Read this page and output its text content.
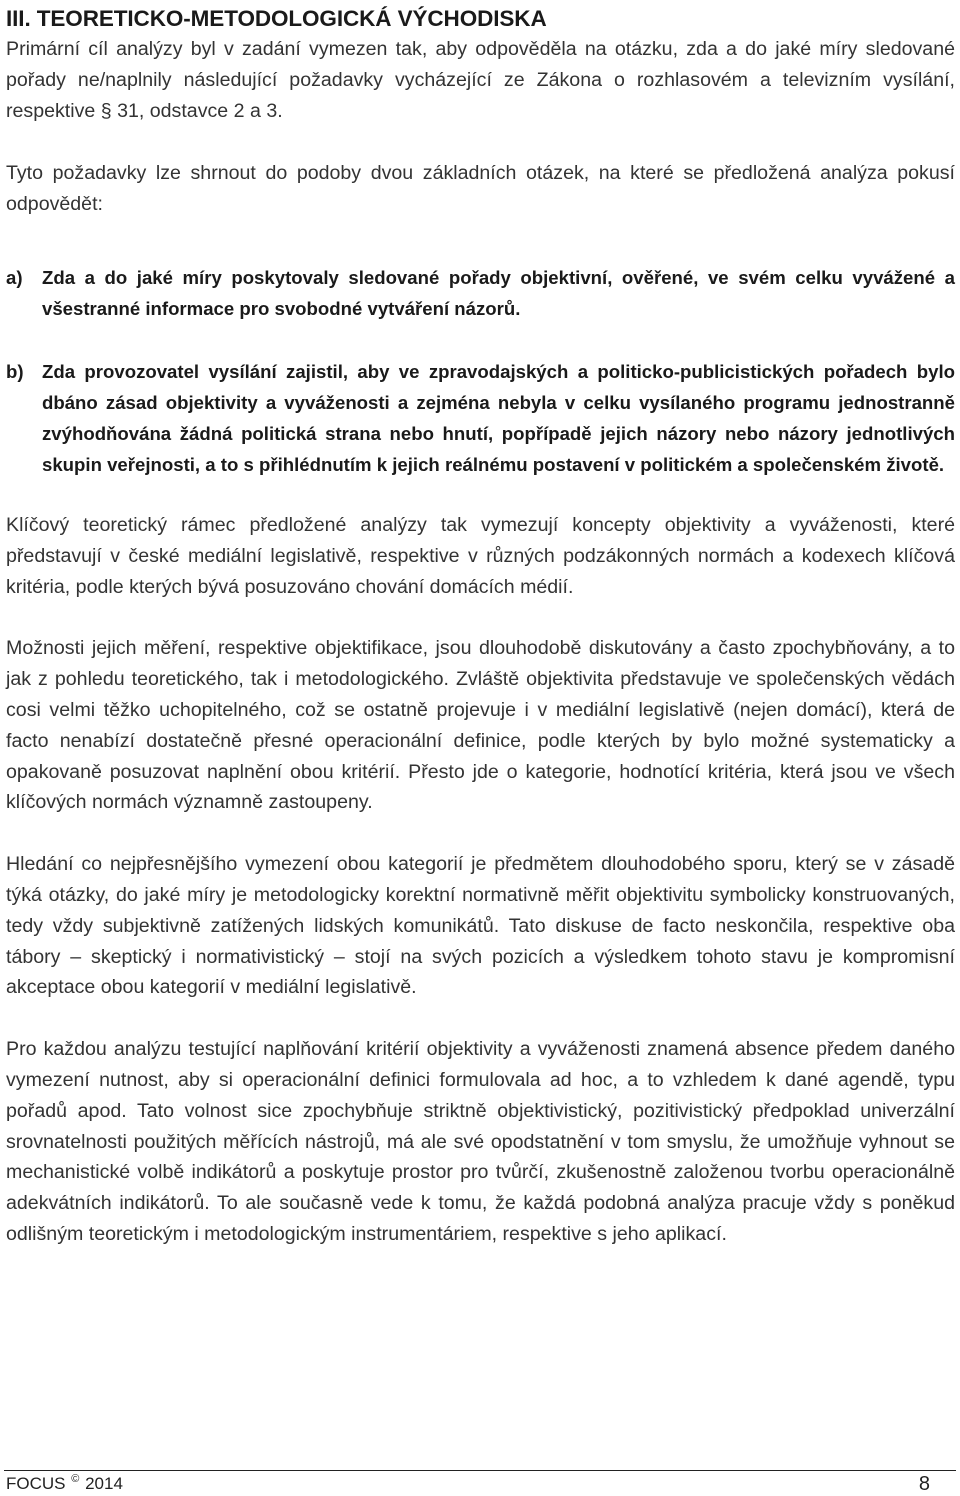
III. TEORETICKO-METODOLOGICKÁ VÝCHODISKA

Primární cíl analýzy byl v zadání vymezen tak, aby odpověděla na otázku, zda a do jaké míry sledované pořady ne/naplnily následující požadavky vycházející ze Zákona o rozhlasovém a televizním vysílání, respektive § 31, odstavce 2 a 3.

Tyto požadavky lze shrnout do podoby dvou základních otázek, na které se předložená analýza pokusí odpovědět:

a)	Zda a do jaké míry poskytovaly sledované pořady objektivní, ověřené, ve svém celku vyvážené a všestranné informace pro svobodné vytváření názorů.
b) Zda provozovatel vysílání zajistil, aby ve zpravodajských a politicko-publicistických pořadech bylo dbáno zásad objektivity a vyváženosti a zejména nebyla v celku vysílaného programu jednostranně zvýhodňována žádná politická strana nebo hnutí, popřípadě jejich názory nebo názory jednotlivých skupin veřejnosti, a to s přihlédnutím k jejich reálnému postavení v politickém a společenském životě.

Klíčový teoretický rámec předložené analýzy tak vymezují koncepty objektivity a vyváženosti, které představují v české mediální legislativě, respektive v různých podzákonných normách a kodexech klíčová kritéria, podle kterých bývá posuzováno chování domácích médií.

Možnosti jejich měření, respektive objektifikace, jsou dlouhodobě diskutovány a často zpochybňovány, a to jak z pohledu teoretického, tak i metodologického. Zvláště objektivita představuje ve společenských vědách cosi velmi těžko uchopitelného, což se ostatně projevuje i v mediální legislativě (nejen domácí), která de facto nenabízí dostatečně přesné operacionální definice, podle kterých by bylo možné systematicky a opakovaně posuzovat naplnění obou kritérií. Přesto jde o kategorie, hodnotící kritéria, která jsou ve všech klíčových normách významně zastoupeny.

Hledání co nejpřesnějšího vymezení obou kategorií je předmětem dlouhodobého sporu, který se v zásadě týká otázky, do jaké míry je metodologicky korektní normativně měřit objektivitu symbolicky konstruovaných, tedy vždy subjektivně zatížených lidských komunikátů. Tato diskuse de facto neskončila, respektive oba tábory – skeptický i normativistický – stojí na svých pozicích a výsledkem tohoto stavu je kompromisní akceptace obou kategorií v mediální legislativě.

Pro každou analýzu testující naplňování kritérií objektivity a vyváženosti znamená absence předem daného vymezení nutnost, aby si operacionální definici formulovala ad hoc, a to vzhledem k dané agendě, typu pořadů apod. Tato volnost sice zpochybňuje striktně objektivistický, pozitivistický předpoklad univerzální srovnatelnosti použitých měřících nástrojů, má ale své opodstatnění v tom smyslu, že umožňuje vyhnout se mechanistické volbě indikátorů a poskytuje prostor pro tvůrčí, zkušenostně založenou tvorbu operacionálně adekvátních indikátorů. To ale současně vede k tomu, že každá podobná analýza pracuje vždy s poněkud odlišným teoretickým i metodologickým instrumentáriem, respektive s jeho aplikací.

FOCUS © 2014	8
